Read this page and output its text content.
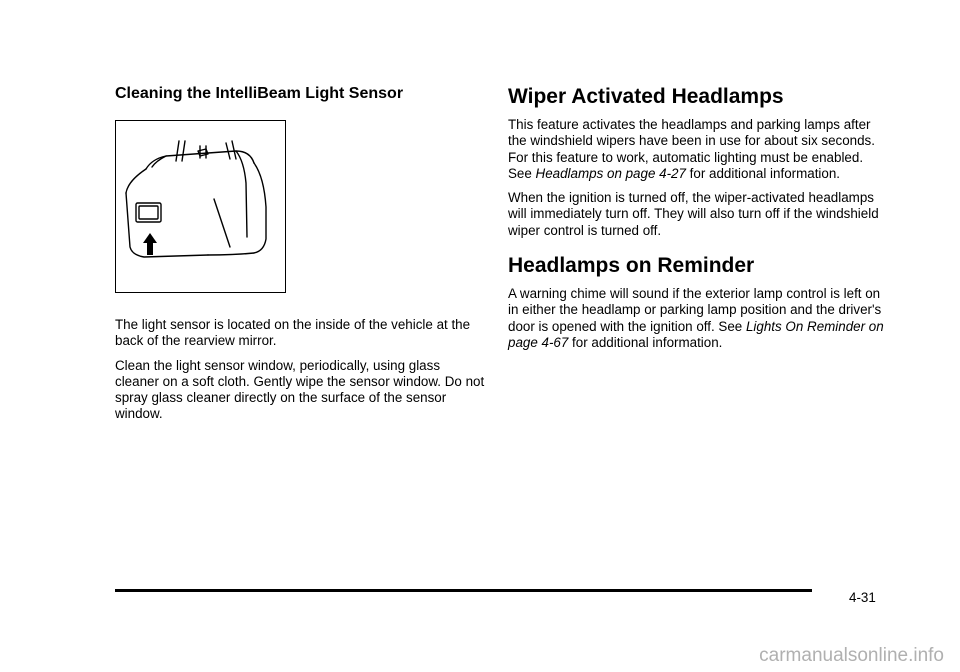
Cleaning the IntelliBeam Light Sensor

The light sensor is located on the inside of the vehicle at the back of the rearview mirror.

Clean the light sensor window, periodically, using glass cleaner on a soft cloth. Gently wipe the sensor window. Do not spray glass cleaner directly on the surface of the sensor window.

Wiper Activated Headlamps

This feature activates the headlamps and parking lamps after the windshield wipers have been in use for about six seconds. For this feature to work, automatic lighting must be enabled. See Headlamps on page 4-27 for additional information.

When the ignition is turned off, the wiper-activated headlamps will immediately turn off. They will also turn off if the windshield wiper control is turned off.

Headlamps on Reminder

A warning chime will sound if the exterior lamp control is left on in either the headlamp or parking lamp position and the driver's door is opened with the ignition off. See Lights On Reminder on page 4-67 for additional information.

4-31
carmanualsonline.info
